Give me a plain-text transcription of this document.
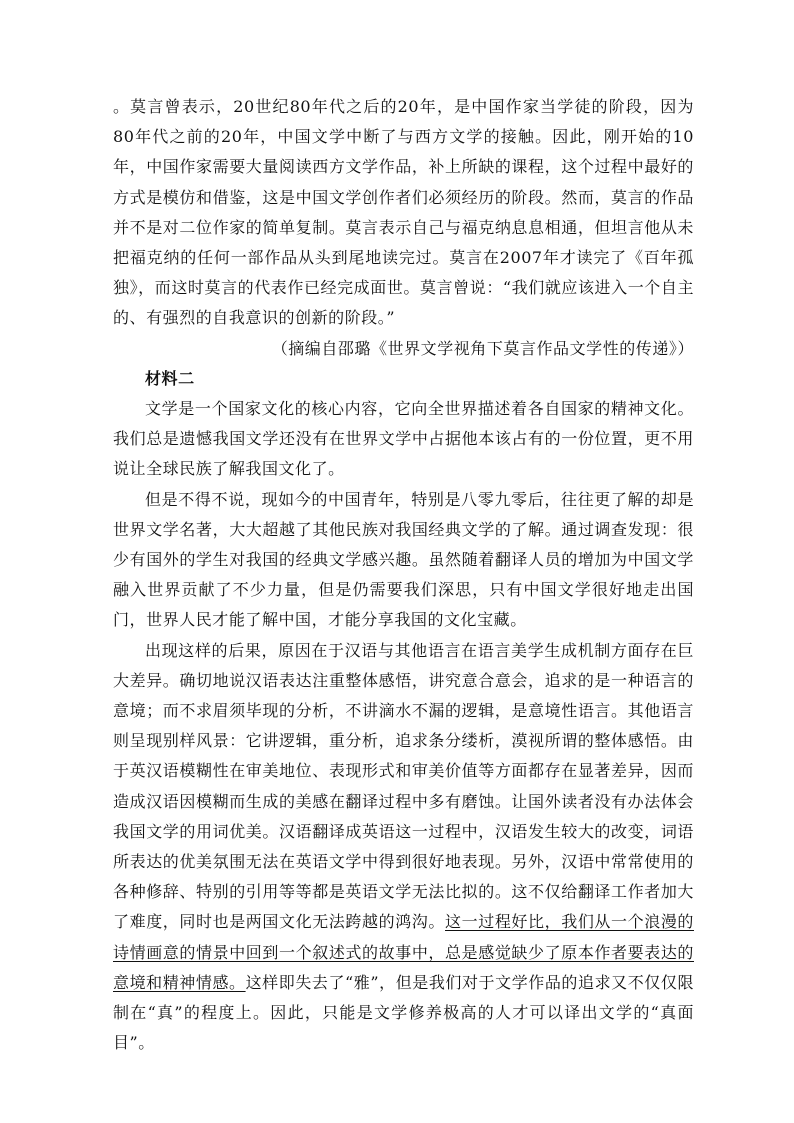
。莫言曾表示，20世纪80年代之后的20年，是中国作家当学徒的阶段，因为80年代之前的20年，中国文学中断了与西方文学的接触。因此，刚开始的10年，中国作家需要大量阅读西方文学作品，补上所缺的课程，这个过程中最好的方式是模仿和借鉴，这是中国文学创作者们必须经历的阶段。然而，莫言的作品并不是对二位作家的简单复制。莫言表示自己与福克纳息息相通，但坦言他从未把福克纳的任何一部作品从头到尾地读完过。莫言在2007年才读完了《百年孤独》，而这时莫言的代表作已经完成面世。莫言曾说：“我们就应该进入一个自主的、有强烈的自我意识的创新的阶段。”

（摘编自邵璐《世界文学视角下莫言作品文学性的传递》）

材料二

文学是一个国家文化的核心内容，它向全世界描述着各自国家的精神文化。我们总是遗憾我国文学还没有在世界文学中占据他本该占有的一份位置，更不用说让全球民族了解我国文化了。

但是不得不说，现如今的中国青年，特别是八零九零后，往往更了解的却是世界文学名著，大大超越了其他民族对我国经典文学的了解。通过调查发现：很少有国外的学生对我国的经典文学感兴趣。虽然随着翻译人员的增加为中国文学融入世界贡献了不少力量，但是仍需要我们深思，只有中国文学很好地走出国门，世界人民才能了解中国，才能分享我国的文化宝藏。

出现这样的后果，原因在于汉语与其他语言在语言美学生成机制方面存在巨大差异。确切地说汉语表达注重整体感悟，讲究意合意会，追求的是一种语言的意境；而不求眉须毕现的分析，不讲滴水不漏的逻辑，是意境性语言。其他语言则呈现别样风景：它讲逻辑，重分析，追求条分缕析，漠视所谓的整体感悟。由于英汉语模糊性在审美地位、表现形式和审美价值等方面都存在显著差异，因而造成汉语因模糊而生成的美感在翻译过程中多有磨蚀。让国外读者没有办法体会我国文学的用词优美。汉语翻译成英语这一过程中，汉语发生较大的改变，词语所表达的优美氛围无法在英语文学中得到很好地表现。另外，汉语中常常使用的各种修辞、特别的引用等等都是英语文学无法比拟的。这不仅给翻译工作者加大了难度，同时也是两国文化无法跨越的鸿沟。这一过程好比，我们从一个浪漫的诗情画意的情景中回到一个叙述式的故事中，总是感觉缺少了原本作者要表达的意境和精神情感。这样即失去了“雅”，但是我们对于文学作品的追求又不仅仅限制在“真”的程度上。因此，只能是文学修养极高的人才可以译出文学的“真面目”。
